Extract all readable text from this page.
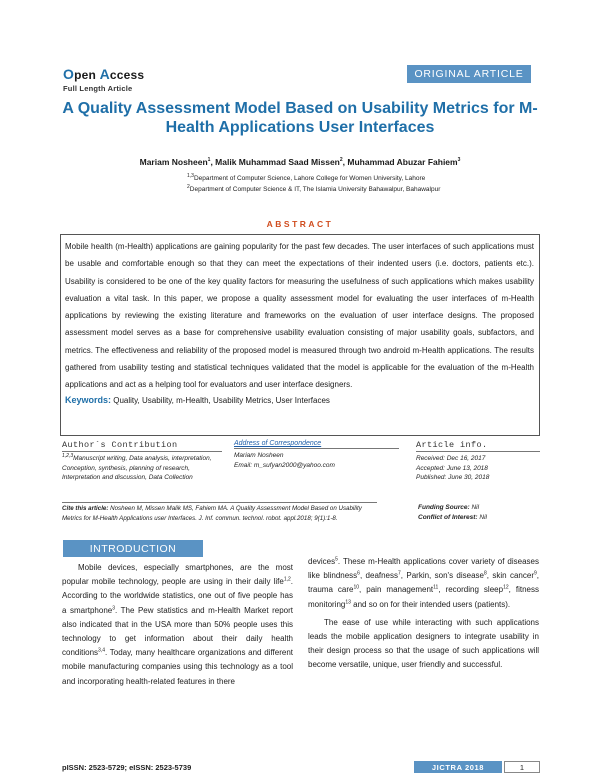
Open Access
Full Length Article
ORIGINAL ARTICLE
A Quality Assessment Model Based on Usability Metrics for M-Health Applications User Interfaces
Mariam Nosheen$^1$, Malik Muhammad Saad Missen$^2$, Muhammad Abuzar Fahiem$^3$
$^{1,3}$Department of Computer Science, Lahore College for Women University, Lahore
$^2$Department of Computer Science & IT, The Islamia University Bahawalpur, Bahawalpur
ABSTRACT
Mobile health (m-Health) applications are gaining popularity for the past few decades. The user interfaces of such applications must be usable and comfortable enough so that they can meet the expectations of their indented users (i.e. doctors, patients etc.). Usability is considered to be one of the key quality factors for measuring the usefulness of such applications which makes usability evaluation a vital task. In this paper, we propose a quality assessment model for evaluating the user interfaces of m-Health applications by reviewing the existing literature and frameworks on the evaluation of user interface designs. The proposed assessment model serves as a base for comprehensive usability evaluation consisting of major usability goals, subfactors, and metrics. The effectiveness and reliability of the proposed model is measured through two android m-Health applications. The results gathered from usability testing and statistical techniques validated that the model is applicable for the evaluation of the m-Health applications and act as a helping tool for evaluators and user interface designers.
Keywords: Quality, Usability, m-Health, Usability Metrics, User Interfaces
Author`s Contribution
$^{1,2,3}$Manuscript writing, Data analysis, interpretation, Conception, synthesis, planning of research, Interpretation and discussion, Data Collection
Address of Correspondence
Mariam Nosheen
Email: m_sufyan2000@yahoo.com
Article info.
Received: Dec 16, 2017
Accepted: June 13, 2018
Published: June 30, 2018
Cite this article: Nosheen M, Missen Malik MS, Fahiem MA. A Quality Assessment Model Based on Usability Metrics for M-Health Applications user Interfaces. J. Inf. commun. technol. robot. appl.2018; 9(1):1-8.
Funding Source: Nil
Conflict of Interest: Nil
INTRODUCTION

Mobile devices, especially smartphones, are the most popular mobile technology, people are using in their daily life$^{1,2}$. According to the worldwide statistics, one out of five people has a smartphone$^3$. The Pew statistics and m-Health Market report also indicated that in the USA more than 50% people uses this technology to get information about their daily health conditions$^{3,4}$. Today, many healthcare organizations and different mobile manufacturing companies using this technology as a tool and incorporating health-related features in there

devices$^5$. These m-Health applications cover variety of diseases like blindness$^6$, deafness$^7$, Parkin, son's disease$^8$, skin cancer$^9$, trauma care$^{10}$, pain management$^{11}$, recording sleep$^{12}$, fitness monitoring$^{13}$ and so on for their intended users (patients).

The ease of use while interacting with such applications leads the mobile application designers to integrate usability in their design process so that the usage of such applications will become versatile, unique, user friendly and successful.

pISSN: 2523-5729; eISSN: 2523-5739	JICTRA 2018	1
